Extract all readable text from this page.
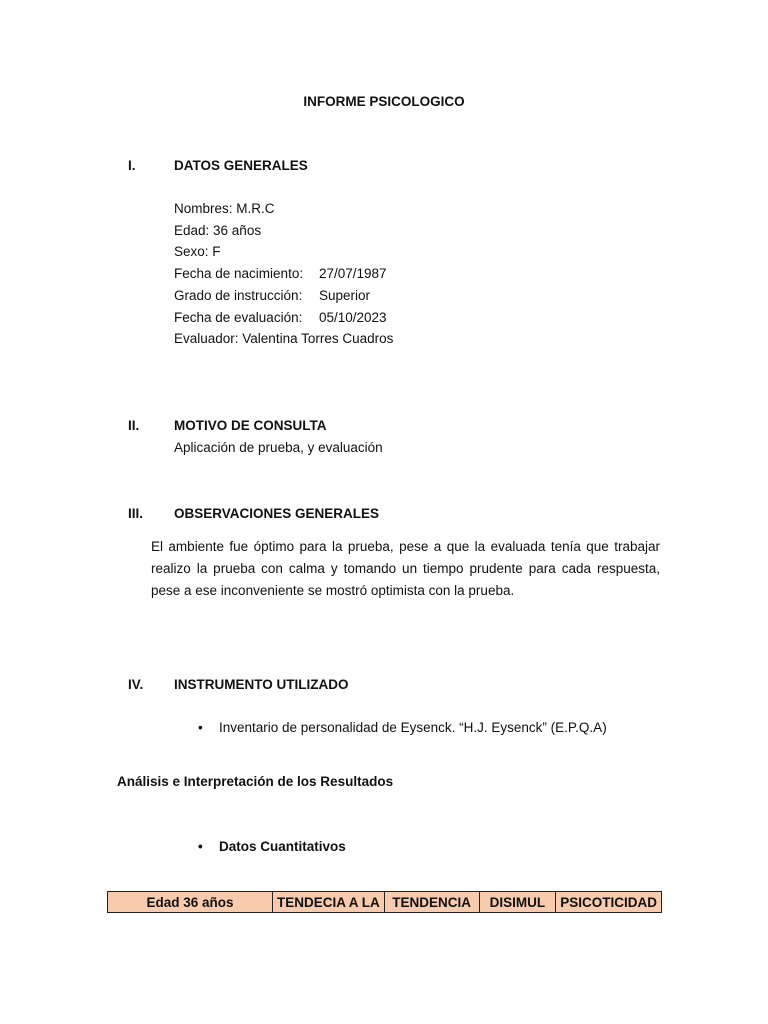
INFORME PSICOLOGICO
I.	DATOS GENERALES
Nombres: M.R.C
Edad: 36 años
Sexo: F
Fecha de nacimiento: 27/07/1987
Grado de instrucción: Superior
Fecha de evaluación: 05/10/2023
Evaluador: Valentina Torres Cuadros
II.	MOTIVO DE CONSULTA
Aplicación de prueba, y evaluación
III. OBSERVACIONES GENERALES
El ambiente fue óptimo para la prueba, pese a que la evaluada tenía que trabajar realizo la prueba con calma y tomando un tiempo prudente para cada respuesta, pese a ese inconveniente se mostró optimista con la prueba.
IV. INSTRUMENTO UTILIZADO
• Inventario de personalidad de Eysenck. “H.J. Eysenck” (E.P.Q.A)
Análisis e Interpretación de los Resultados
• Datos Cuantitativos
Edad 36 años	TENDECIA A LA	TENDENCIA	DISIMUL	PSICOTICIDAD
